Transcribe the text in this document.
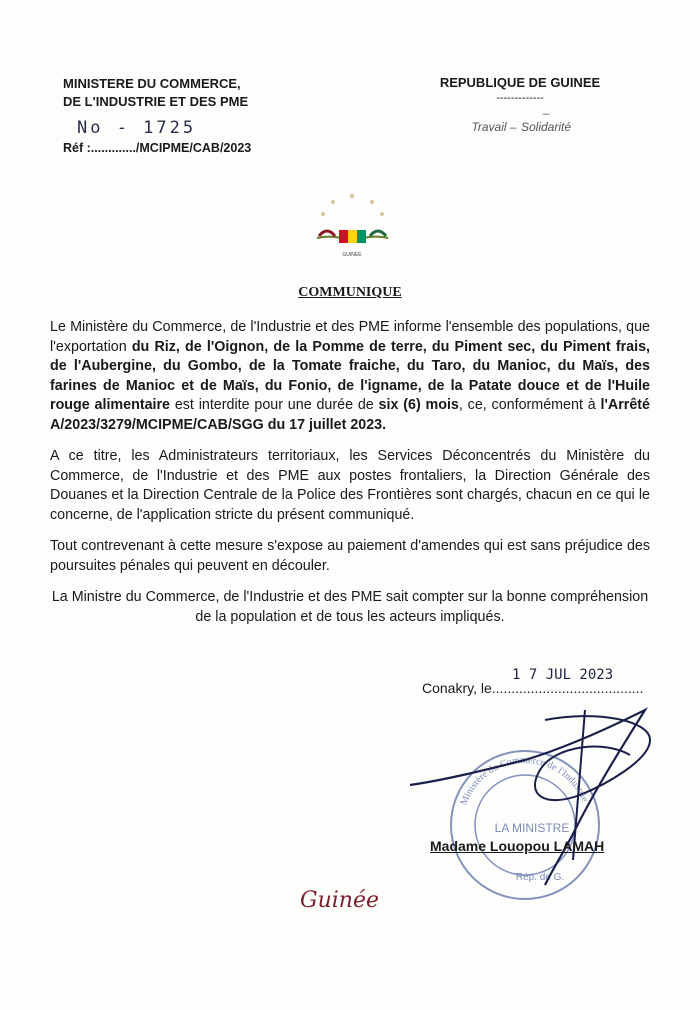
MINISTERE DU COMMERCE,
DE L'INDUSTRIE ET DES PME
No - 1725
Réf :............./MCIPME/CAB/2023
REPUBLIQUE DE GUINEE
-------------
Travail –– Solidarité
GUINEE
COMMUNIQUE

Le Ministère du Commerce, de l'Industrie et des PME informe l'ensemble des populations, que l'exportation du Riz, de l'Oignon, de la Pomme de terre, du Piment sec, du Piment frais, de l'Aubergine, du Gombo, de la Tomate fraiche, du Taro, du Manioc, du Maïs, des farines de Manioc et de Maïs, du Fonio, de l'igname, de la Patate douce et de l'Huile rouge alimentaire est interdite pour une durée de six (6) mois, ce, conformément à l'Arrêté A/2023/3279/MCIPME/CAB/SGG du 17 juillet 2023.

A ce titre, les Administrateurs territoriaux, les Services Déconcentrés du Ministère du Commerce, de l'Industrie et des PME aux postes frontaliers, la Direction Générale des Douanes et la Direction Centrale de la Police des Frontières sont chargés, chacun en ce qui le concerne, de l'application stricte du présent communiqué.

Tout contrevenant à cette mesure s'expose au paiement d'amendes qui est sans préjudice des poursuites pénales qui peuvent en découler.

La Ministre du Commerce, de l'Industrie et des PME sait compter sur la bonne compréhension de la population et de tous les acteurs impliqués.

Conakry, le.......................................
1 7 JUL 2023
Ministère du Commerce de l'Industrie
LA MINISTRE
Rép. de G.
Madame Louopou LAMAH
Guinée
